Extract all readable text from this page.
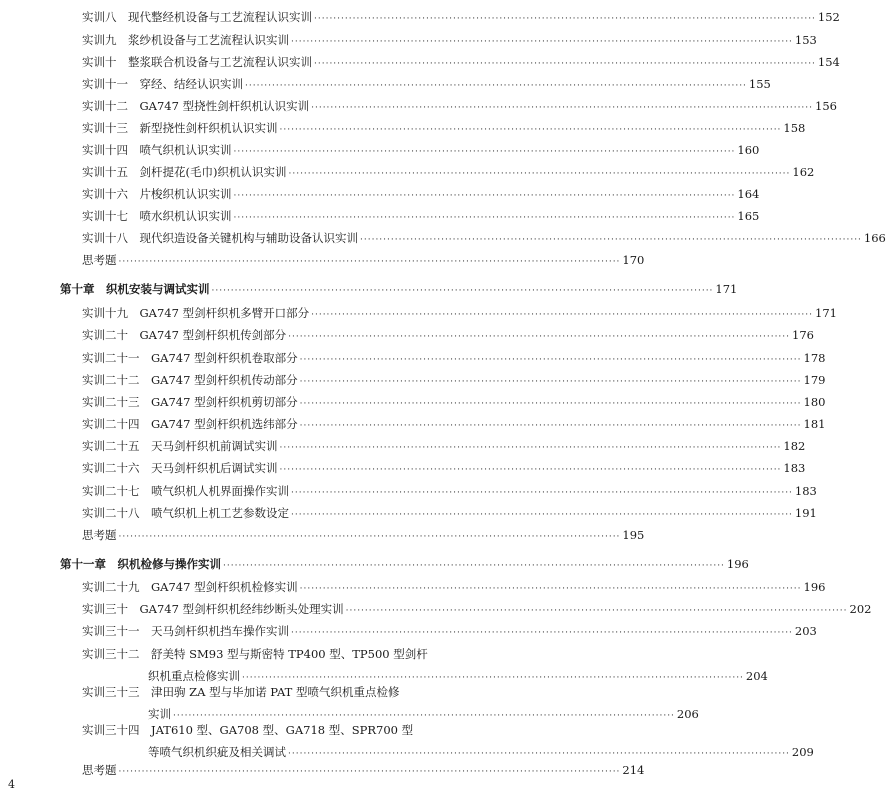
实训八　现代整经机设备与工艺流程认识实训 ·····	152
实训九　浆纱机设备与工艺流程认识实训 ·····	153
实训十　整浆联合机设备与工艺流程认识实训 ·····	154
实训十一　穿经、结经认识实训 ·····	155
实训十二　GA747 型挠性剑杆织机认识实训 ·····	156
实训十三　新型挠性剑杆织机认识实训 ·····	158
实训十四　喷气织机认识实训 ·····	160
实训十五　剑杆提花(毛巾)织机认识实训 ·····	162
实训十六　片梭织机认识实训 ·····	164
实训十七　喷水织机认识实训 ·····	165
实训十八　现代织造设备关键机构与辅助设备认识实训 ·····	166
思考题 ·····	170
第十章　织机安装与调试实训 ·····	171
实训十九　GA747 型剑杆织机多臂开口部分 ·····	171
实训二十　GA747 型剑杆织机传剑部分 ·····	176
实训二十一　GA747 型剑杆织机卷取部分 ·····	178
实训二十二　GA747 型剑杆织机传动部分 ·····	179
实训二十三　GA747 型剑杆织机剪切部分 ·····	180
实训二十四　GA747 型剑杆织机选纬部分 ·····	181
实训二十五　天马剑杆织机前调试实训 ·····	182
实训二十六　天马剑杆织机后调试实训 ·····	183
实训二十七　喷气织机人机界面操作实训 ·····	183
实训二十八　喷气织机上机工艺参数设定 ·····	191
思考题 ·····	195
第十一章　织机检修与操作实训 ·····	196
实训二十九　GA747 型剑杆织机检修实训 ·····	196
实训三十　GA747 型剑杆织机经纬纱断头处理实训 ·····	202
实训三十一　天马剑杆织机挡车操作实训 ·····	203
实训三十二　舒美特 SM93 型与斯密特 TP400 型、TP500 型剑杆
织机重点检修实训 ·····	204
实训三十三　津田驹 ZA 型与毕加诺 PAT 型喷气织机重点检修
实训 ·····	206
实训三十四　JAT610 型、GA708 型、GA718 型、SPR700 型
等喷气织机织疵及相关调试 ·····	209
思考题 ·····	214
4
